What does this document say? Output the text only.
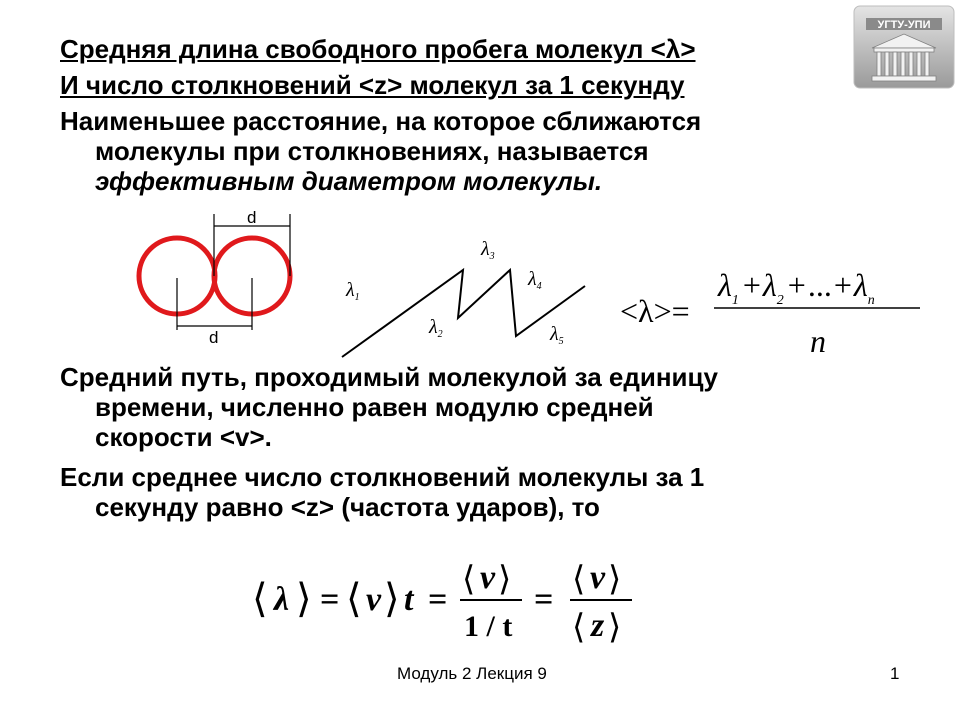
УГТУ-УПИ
Средняя длина свободного пробега молекул <λ>
И число столкновений <z> молекул за 1 секунду
Наименьшее расстояние, на которое сближаются
молекулы при столкновениях, называется
эффективным диаметром молекулы.
d
d
$\lambda_1$
$\lambda_2$
$\lambda_3$
$\lambda_4$
$\lambda_5$
<λ>=
$\lambda_1 +\lambda_2 +...+\lambda_n$
n
Средний путь, проходимый молекулой за единицу
времени, численно равен модулю средней
скорости <v>.
Если среднее число столкновений молекулы за 1
секунду равно <z> (частота ударов), то
⟨ λ ⟩ = ⟨ v ⟩ t =
⟨ v ⟩
1 / t
=
⟨ v ⟩
⟨ z ⟩
Модуль 2 Лекция 9	1
